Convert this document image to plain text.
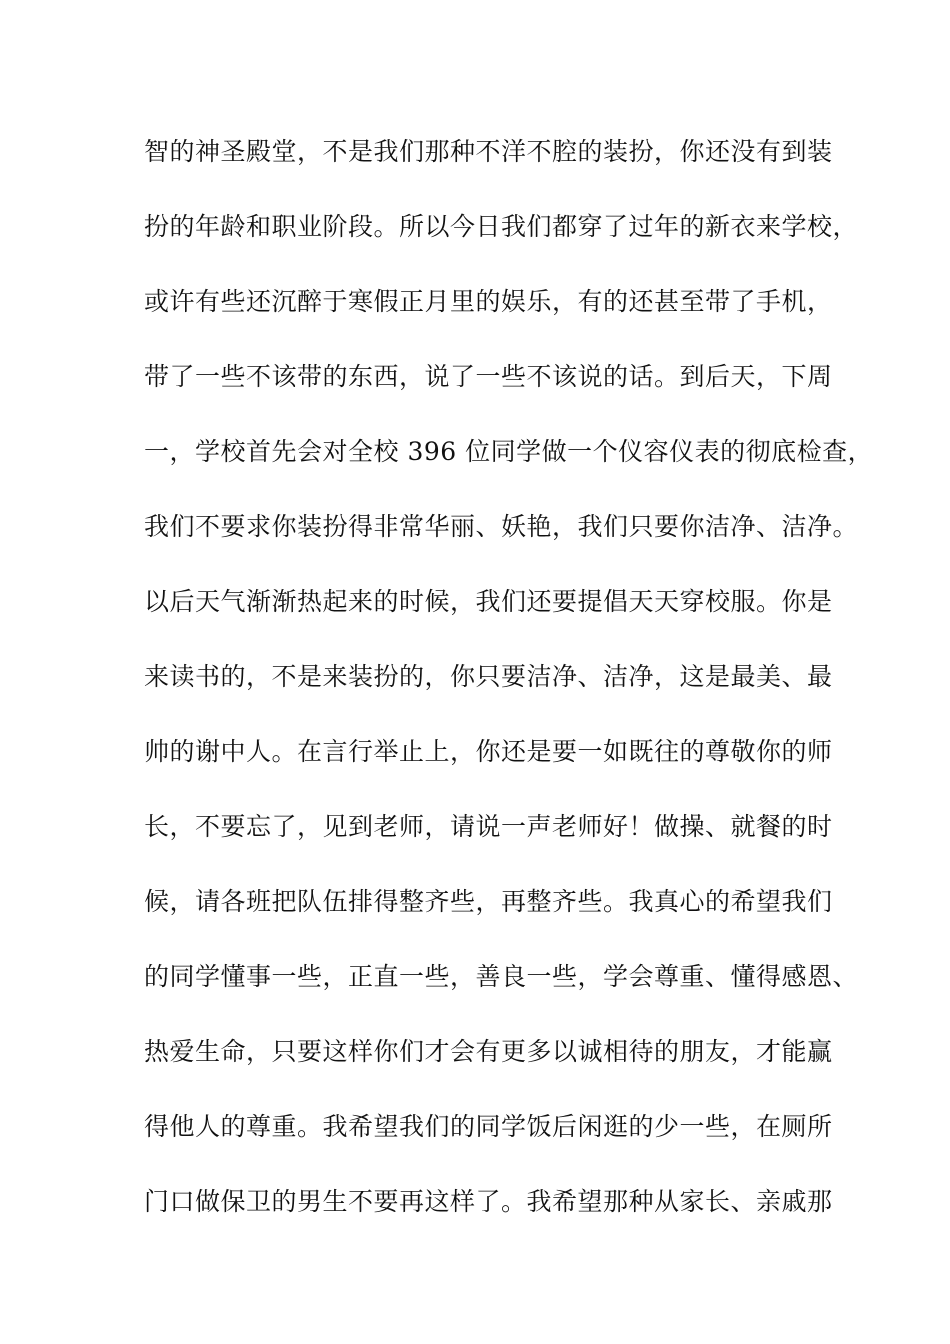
智的神圣殿堂，不是我们那种不洋不腔的装扮，你还没有到装
扮的年龄和职业阶段。所以今日我们都穿了过年的新衣来学校，
或许有些还沉醉于寒假正月里的娱乐，有的还甚至带了手机，
带了一些不该带的东西，说了一些不该说的话。到后天，下周
一，学校首先会对全校 396 位同学做一个仪容仪表的彻底检查，
我们不要求你装扮得非常华丽、妖艳，我们只要你洁净、洁净。
以后天气渐渐热起来的时候，我们还要提倡天天穿校服。你是
来读书的，不是来装扮的，你只要洁净、洁净，这是最美、最
帅的谢中人。在言行举止上，你还是要一如既往的尊敬你的师
长，不要忘了，见到老师，请说一声老师好！做操、就餐的时
候，请各班把队伍排得整齐些，再整齐些。我真心的希望我们
的同学懂事一些，正直一些，善良一些，学会尊重、懂得感恩、
热爱生命，只要这样你们才会有更多以诚相待的朋友，才能赢
得他人的尊重。我希望我们的同学饭后闲逛的少一些，在厕所
门口做保卫的男生不要再这样了。我希望那种从家长、亲戚那
